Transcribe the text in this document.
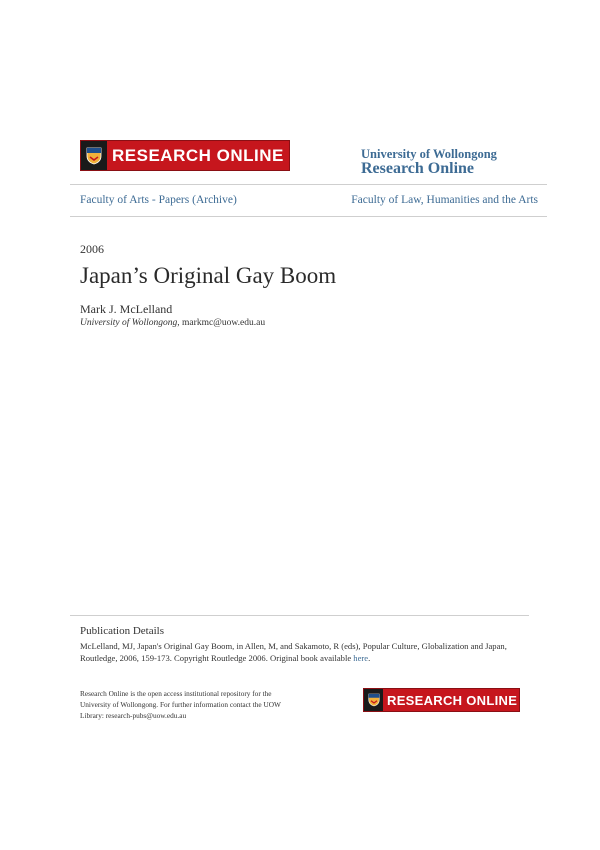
RESEARCH ONLINE	University of Wollongong
Research Online
Faculty of Arts - Papers (Archive)	Faculty of Law, Humanities and the Arts
2006
Japan’s Original Gay Boom
Mark J. McLelland
University of Wollongong, markmc@uow.edu.au
Publication Details
McLelland, MJ, Japan's Original Gay Boom, in Allen, M, and Sakamoto, R (eds), Popular Culture, Globalization and Japan, Routledge, 2006, 159-173. Copyright Routledge 2006. Original book available here.
Research Online is the open access institutional repository for the University of Wollongong. For further information contact the UOW Library: research-pubs@uow.edu.au
RESEARCH ONLINE
